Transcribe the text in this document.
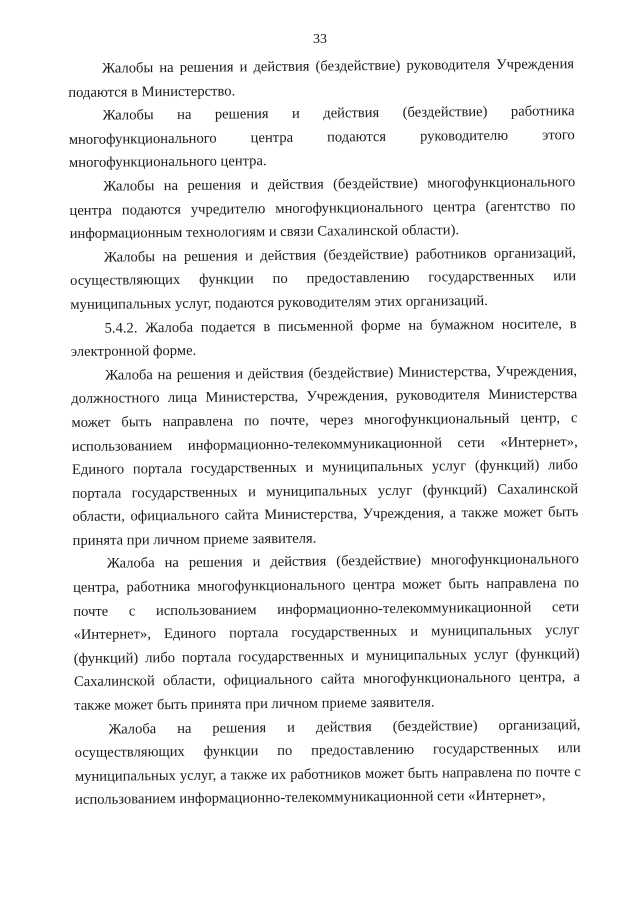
33

Жалобы на решения и действия (бездействие) руководителя Учреждения подаются в Министерство.

Жалобы на решения и действия (бездействие) работника многофункционального центра подаются руководителю этого многофункционального центра.

Жалобы на решения и действия (бездействие) многофункционального центра подаются учредителю многофункционального центра (агентство по информационным технологиям и связи Сахалинской области).

Жалобы на решения и действия (бездействие) работников организаций, осуществляющих функции по предоставлению государственных или муниципальных услуг, подаются руководителям этих организаций.

5.4.2. Жалоба подается в письменной форме на бумажном носителе, в электронной форме.

Жалоба на решения и действия (бездействие) Министерства, Учреждения, должностного лица Министерства, Учреждения, руководителя Министерства может быть направлена по почте, через многофункциональный центр, с использованием информационно-телекоммуникационной сети «Интернет», Единого портала государственных и муниципальных услуг (функций) либо портала государственных и муниципальных услуг (функций) Сахалинской области, официального сайта Министерства, Учреждения, а также может быть принята при личном приеме заявителя.

Жалоба на решения и действия (бездействие) многофункционального центра, работника многофункционального центра может быть направлена по почте с использованием информационно-телекоммуникационной сети «Интернет», Единого портала государственных и муниципальных услуг (функций) либо портала государственных и муниципальных услуг (функций) Сахалинской области, официального сайта многофункционального центра, а также может быть принята при личном приеме заявителя.

Жалоба на решения и действия (бездействие) организаций, осуществляющих функции по предоставлению государственных или муниципальных услуг, а также их работников может быть направлена по почте с использованием информационно-телекоммуникационной сети «Интернет»,
